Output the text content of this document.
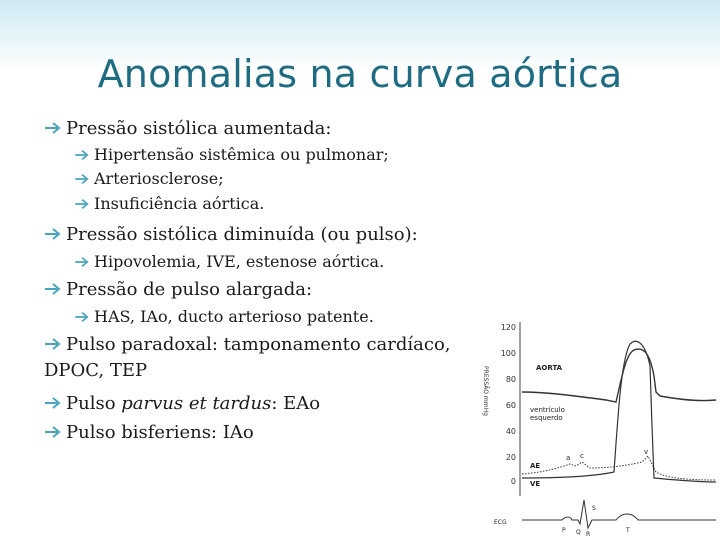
Anomalias na curva aórtica
Pressão sistólica aumentada:
Hipertensão sistêmica ou pulmonar;
Arteriosclerose;
Insuficiência aórtica.
Pressão sistólica diminuída (ou pulso):
Hipovolemia, IVE, estenose aórtica.
Pressão de pulso alargada:
HAS, IAo, ducto arterioso patente.
Pulso paradoxal: tamponamento cardíaco, DPOC, TEP
Pulso parvus et tardus: EAo
Pulso bisferiens: IAo
120
100
80
60
40
20
0
PRESSÃO mmHg	AORTA
ventrículo
esquerdo
AE
VE
a c	v
ECG
P Q R
S
T
